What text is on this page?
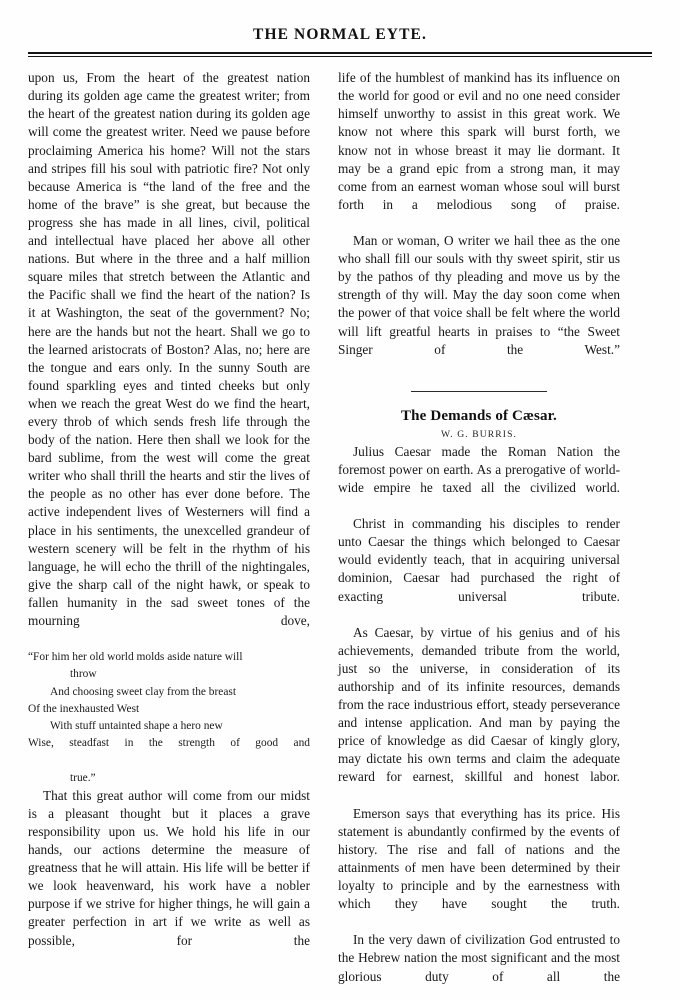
THE NORMAL EYTE.

upon us, From the heart of the greatest nation during its golden age came the greatest writer; from the heart of the greatest nation during its golden age will come the greatest writer. Need we pause before proclaiming America his home? Will not the stars and stripes fill his soul with patriotic fire? Not only because America is “the land of the free and the home of the brave” is she great, but because the progress she has made in all lines, civil, political and intellectual have placed her above all other nations. But where in the three and a half million square miles that stretch between the Atlantic and the Pacific shall we find the heart of the nation? Is it at Washington, the seat of the government? No; here are the hands but not the heart. Shall we go to the learned aristocrats of Boston? Alas, no; here are the tongue and ears only. In the sunny South are found sparkling eyes and tinted cheeks but only when we reach the great West do we find the heart, every throb of which sends fresh life through the body of the nation. Here then shall we look for the bard sublime, from the west will come the great writer who shall thrill the hearts and stir the lives of the people as no other has ever done before. The active independent lives of Westerners will find a place in his sentiments, the unexcelled grandeur of western scenery will be felt in the rhythm of his language, he will echo the thrill of the nightingales, give the sharp call of the night hawk, or speak to fallen humanity in the sad sweet tones of the mourning dove,

“For him her old world molds aside nature will
throw
And choosing sweet clay from the breast
Of the inexhausted West
With stuff untainted shape a hero new
Wise, steadfast in the strength of good and
true.”

That this great author will come from our midst is a pleasant thought but it places a grave responsibility upon us. We hold his life in our hands, our actions determine the measure of greatness that he will attain. His life will be better if we look heavenward, his work have a nobler purpose if we strive for higher things, he will gain a greater perfection in art if we write as well as possible, for the

life of the humblest of mankind has its influence on the world for good or evil and no one need consider himself unworthy to assist in this great work. We know not where this spark will burst forth, we know not in whose breast it may lie dormant. It may be a grand epic from a strong man, it may come from an earnest woman whose soul will burst forth in a melodious song of praise.

Man or woman, O writer we hail thee as the one who shall fill our souls with thy sweet spirit, stir us by the pathos of thy pleading and move us by the strength of thy will. May the day soon come when the power of that voice shall be felt where the world will lift greatful hearts in praises to “the Sweet Singer of the West.”

The Demands of Cæsar.
W. G. BURRIS.

Julius Caesar made the Roman Nation the foremost power on earth. As a prerogative of world-wide empire he taxed all the civilized world.

Christ in commanding his disciples to render unto Caesar the things which belonged to Caesar would evidently teach, that in acquiring universal dominion, Caesar had purchased the right of exacting universal tribute.

As Caesar, by virtue of his genius and of his achievements, demanded tribute from the world, just so the universe, in consideration of its authorship and of its infinite resources, demands from the race industrious effort, steady perseverance and intense application. And man by paying the price of knowledge as did Caesar of kingly glory, may dictate his own terms and claim the adequate reward for earnest, skillful and honest labor.

Emerson says that everything has its price. His statement is abundantly confirmed by the events of history. The rise and fall of nations and the attainments of men have been determined by their loyalty to principle and by the earnestness with which they have sought the truth.

In the very dawn of civilization God entrusted to the Hebrew nation the most significant and the most glorious duty of all the
